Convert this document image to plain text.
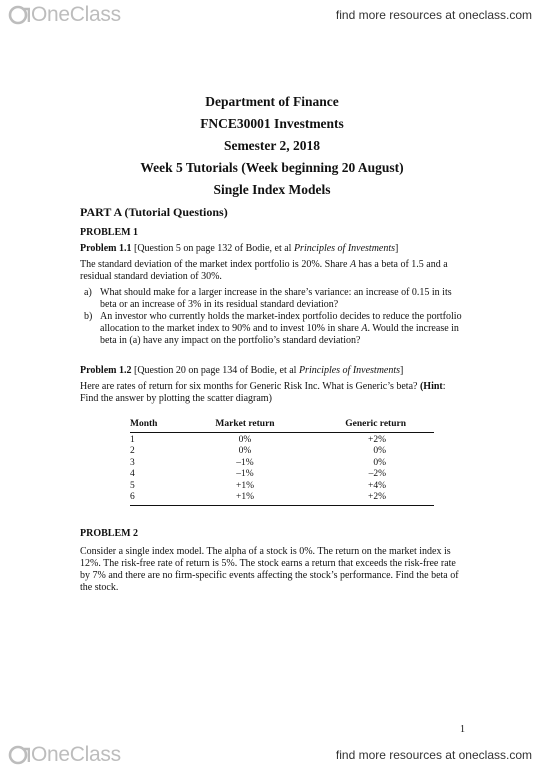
OneClass	find more resources at oneclass.com
Department of Finance
FNCE30001 Investments
Semester 2, 2018
Week 5 Tutorials (Week beginning 20 August)
Single Index Models
PART A (Tutorial Questions)
PROBLEM 1

Problem 1.1 [Question 5 on page 132 of Bodie, et al Principles of Investments]

The standard deviation of the market index portfolio is 20%. Share A has a beta of 1.5 and a residual standard deviation of 30%.

a) What should make for a larger increase in the share’s variance: an increase of 0.15 in its beta or an increase of 3% in its residual standard deviation?
b) An investor who currently holds the market-index portfolio decides to reduce the portfolio allocation to the market index to 90% and to invest 10% in share A. Would the increase in beta in (a) have any impact on the portfolio’s standard deviation?

Problem 1.2 [Question 20 on page 134 of Bodie, et al Principles of Investments]

Here are rates of return for six months for Generic Risk Inc. What is Generic’s beta? (Hint: Find the answer by plotting the scatter diagram)

Month	Market return	Generic return
1	0%	+2%
2	0%	0%
3	–1%	0%
4	–1%	–2%
5	+1%	+4%
6	+1%	+2%
PROBLEM 2

Consider a single index model. The alpha of a stock is 0%. The return on the market index is 12%. The risk-free rate of return is 5%. The stock earns a return that exceeds the risk-free rate by 7% and there are no firm-specific events affecting the stock’s performance. Find the beta of the stock.

1
OneClass	find more resources at oneclass.com
